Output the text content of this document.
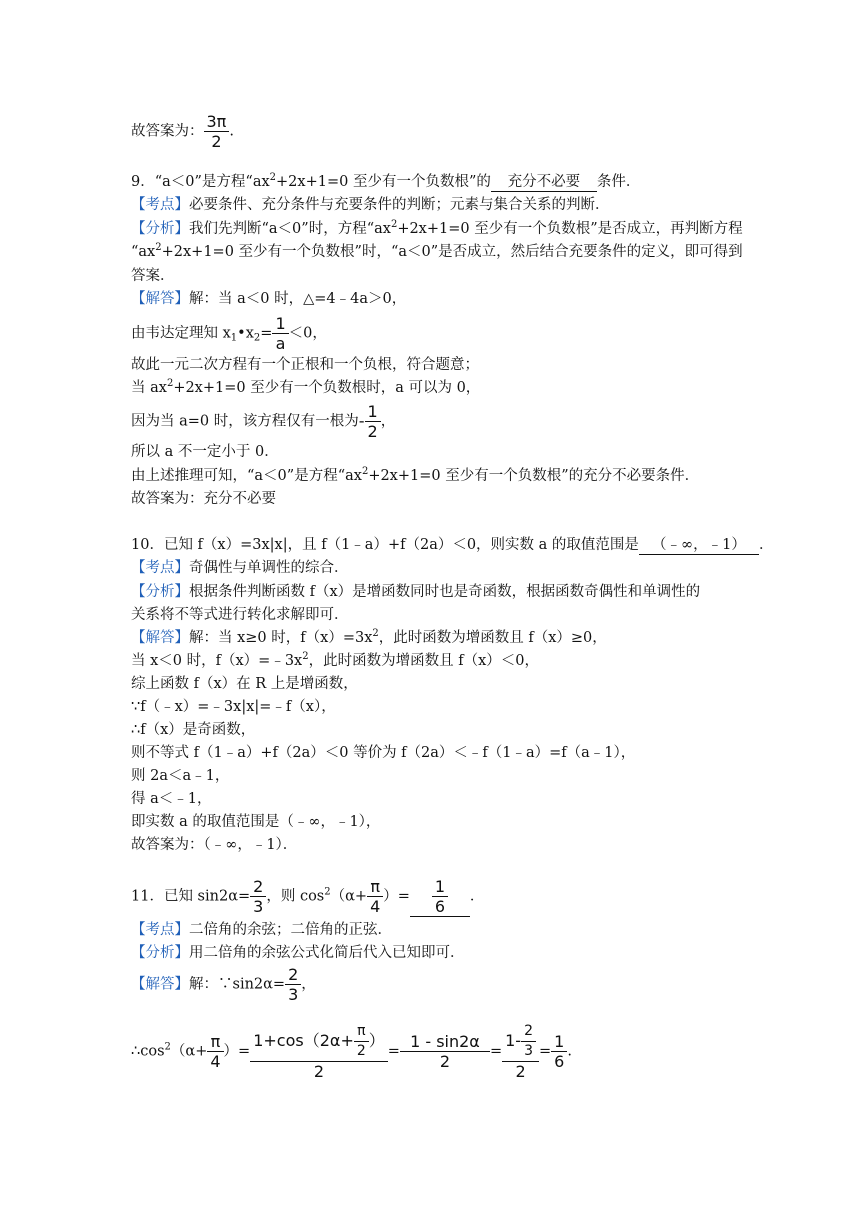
故答案为： $\frac{3\pi}{2}$ .
9．“a＜0”是方程“$ax^2+2x+1=0$ 至少有一个负数根”的 充分不必要 条件．
【考点】必要条件、充分条件与充要条件的判断；元素与集合关系的判断．
【分析】我们先判断“a＜0”时，方程“$ax^2+2x+1=0$ 至少有一个负数根”是否成立，再判断方程
“$ax^2+2x+1=0$ 至少有一个负数根”时，“a＜0”是否成立，然后结合充要条件的定义，即可得到
答案．
【解答】解：当 a＜0 时，△=4﹣4a＞0，
由韦达定理知 $x_1•x_2= \frac{1}{a} <0$，
故此一元二次方程有一个正根和一个负根，符合题意；
当 $ax^2+2x+1=0$ 至少有一个负数根时，a 可以为 0，
因为当 a=0 时，该方程仅有一根为- $\frac{1}{2}$ ，
所以 a 不一定小于 0．
由上述推理可知，“a＜0”是方程“$ax^2+2x+1=0$ 至少有一个负数根”的充分不必要条件．
故答案为：充分不必要
10．已知 f（x）=3x|x|，且 f（1﹣a）+f（2a）＜0，则实数 a 的取值范围是 （﹣∞，﹣1） ．
【考点】奇偶性与单调性的综合．
【分析】根据条件判断函数 f（x）是增函数同时也是奇函数，根据函数奇偶性和单调性的
关系将不等式进行转化求解即可．
【解答】解：当 x≥0 时，$f(x)=3x^2$，此时函数为增函数且 f（x）≥0，
当 x＜0 时，$f(x)=﹣3x^2$，此时函数为增函数且 f（x）＜0，
综上函数 f（x）在 R 上是增函数，
∵f（﹣x）=﹣3x|x|=﹣f（x），
∴f（x）是奇函数，
则不等式 f（1﹣a）+f（2a）＜0 等价为 f（2a）＜﹣f（1﹣a）=f（a﹣1），
则 2a＜a﹣1，
得 a＜﹣1，
即实数 a 的取值范围是（﹣∞，﹣1），
故答案为：（﹣∞，﹣1）．
11．已知 $\sin 2\alpha= \frac{2}{3}$ ，则 $\cos^2(\alpha+ \frac{\pi}{4}$ ）= $\frac{1}{6}$ ．
【考点】二倍角的余弦；二倍角的正弦．
【分析】用二倍角的余弦公式化简后代入已知即可．
【解答】解：∵sin2α= $\frac{2}{3}$ ，
$\therefore\cos^2(\alpha+ \frac{\pi}{4}$ ）= $\frac{1+\cos(2\alpha+ \frac{\pi}{2} )}{2} = \frac{1 - \sin 2\alpha}{2} = \frac{1- \frac{2}{3}}{2} = \frac{1}{6}$ .
